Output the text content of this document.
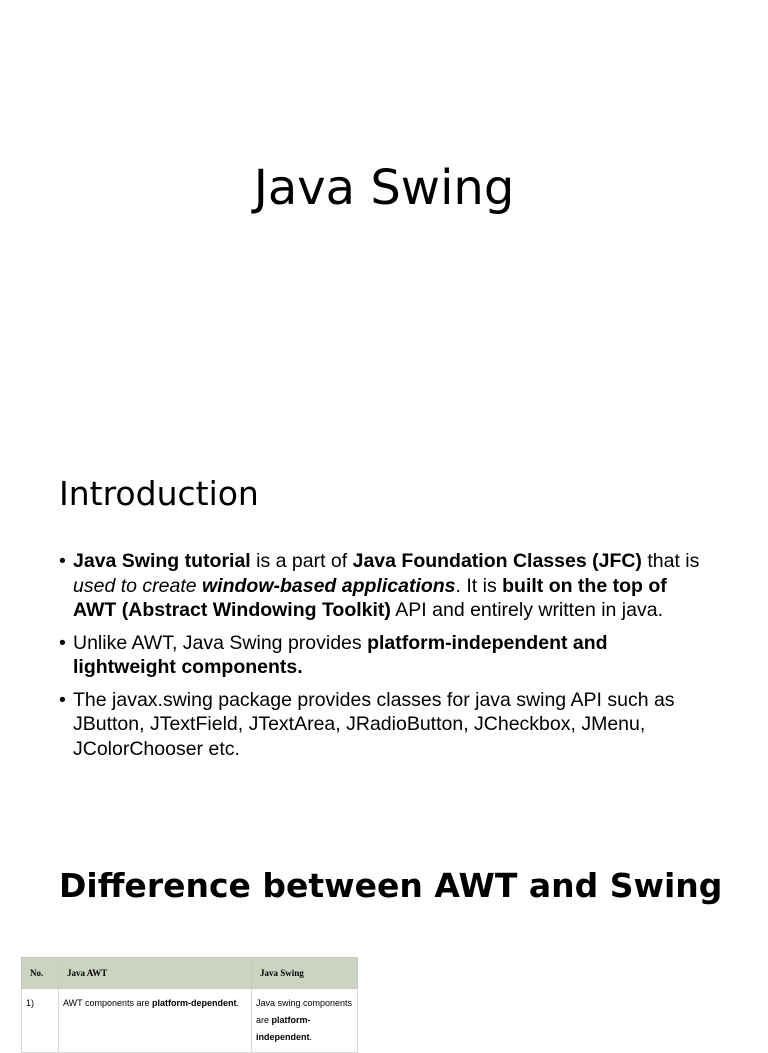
Java Swing
Introduction
• Java Swing tutorial is a part of Java Foundation Classes (JFC) that is used to create window-based applications. It is built on the top of AWT (Abstract Windowing Toolkit) API and entirely written in java.
• Unlike AWT, Java Swing provides platform-independent and lightweight components.
• The javax.swing package provides classes for java swing API such as JButton, JTextField, JTextArea, JRadioButton, JCheckbox, JMenu, JColorChooser etc.
Difference between AWT and Swing
No.	Java AWT	Java Swing
1)	AWT components are platform-dependent.	Java swing components are platform-independent.
